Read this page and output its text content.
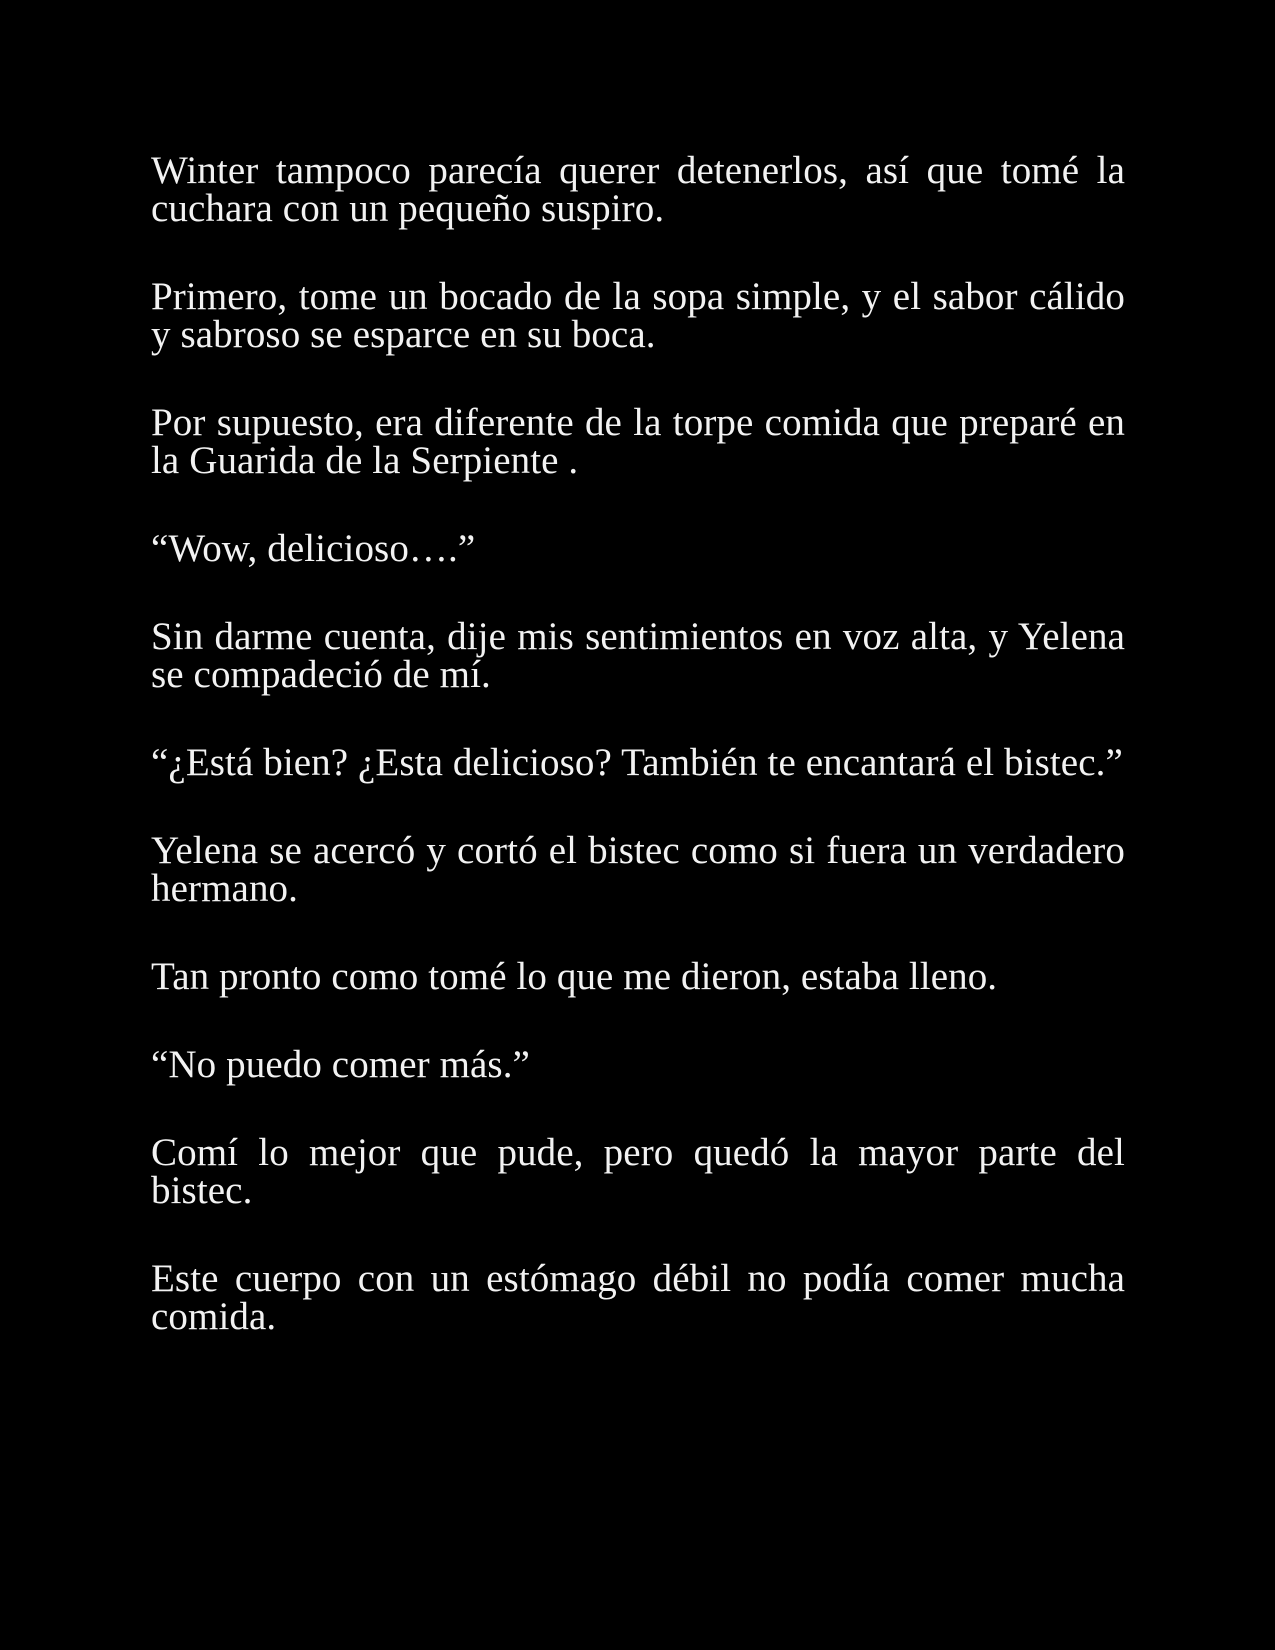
Winter tampoco parecía querer detenerlos, así que tomé la cuchara con un pequeño suspiro.

Primero, tome un bocado de la sopa simple, y el sabor cálido y sabroso se esparce en su boca.

Por supuesto, era diferente de la torpe comida que preparé en la Guarida de la Serpiente .

“Wow, delicioso….”

Sin darme cuenta, dije mis sentimientos en voz alta, y Yelena se compadeció de mí.

“¿Está bien? ¿Esta delicioso? También te encantará el bistec.”

Yelena se acercó y cortó el bistec como si fuera un verdadero hermano.

Tan pronto como tomé lo que me dieron, estaba lleno.

“No puedo comer más.”

Comí lo mejor que pude, pero quedó la mayor parte del bistec.

Este cuerpo con un estómago débil no podía comer mucha comida.
